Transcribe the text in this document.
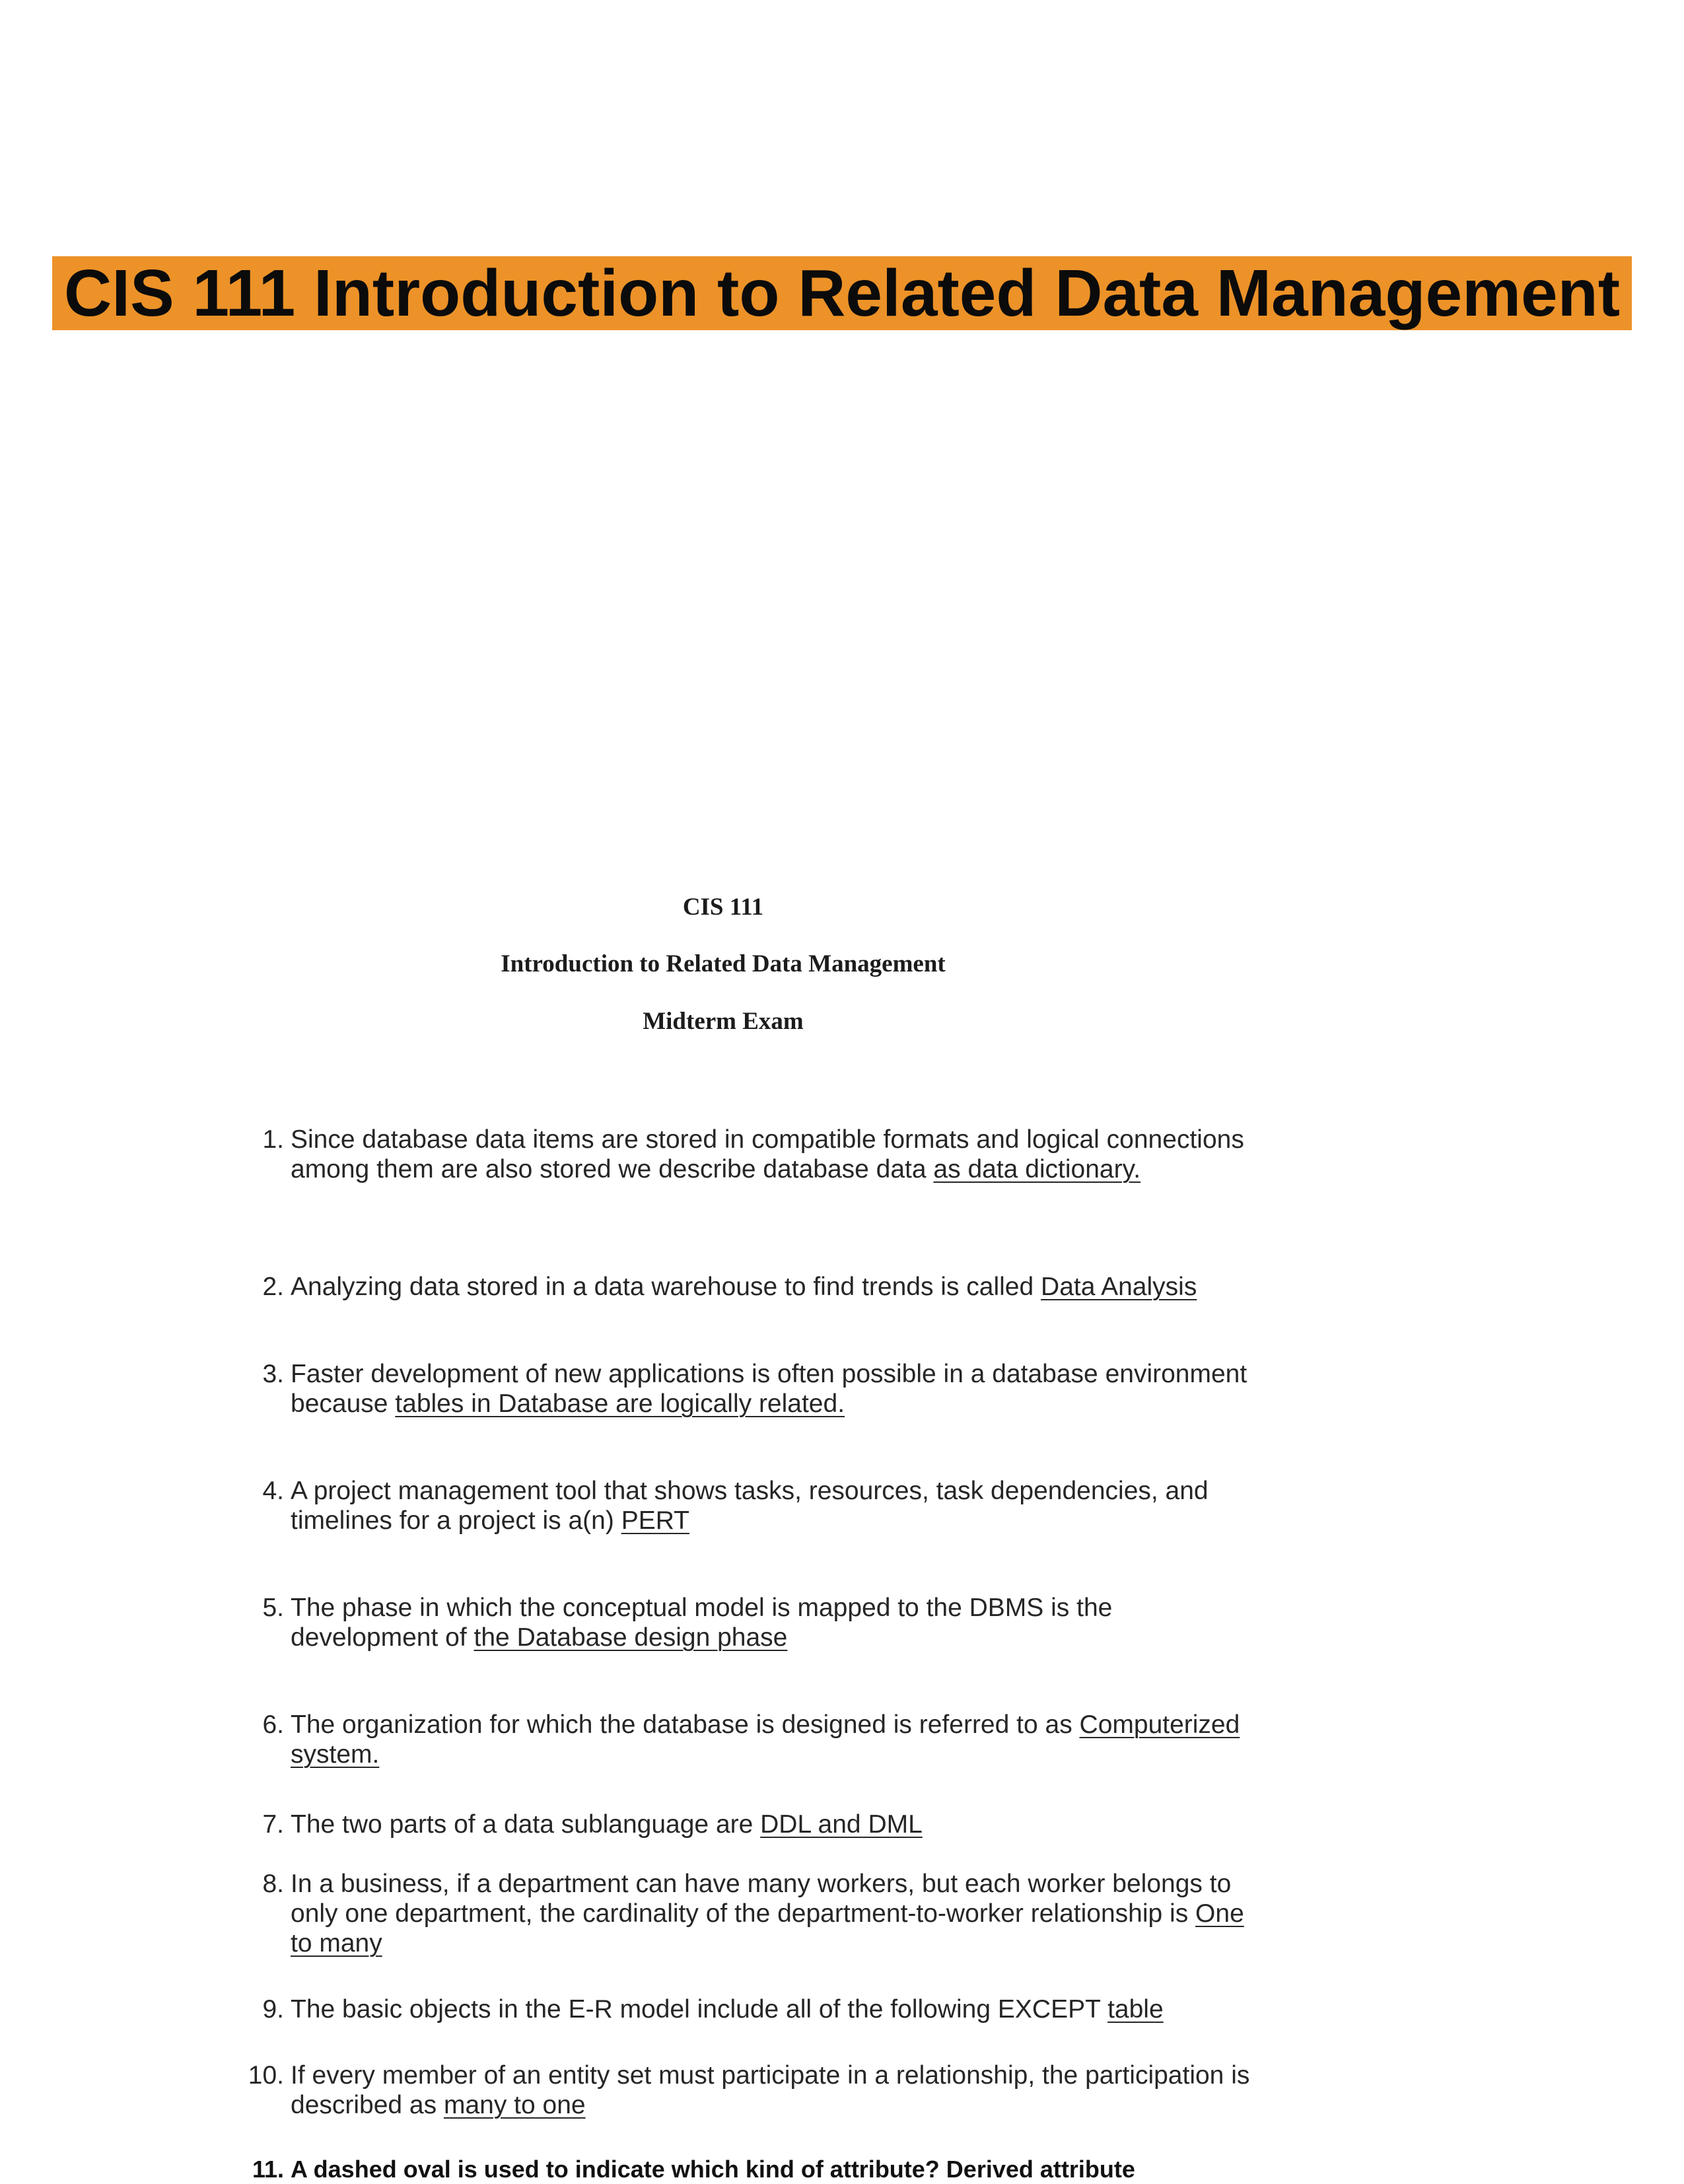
CIS 111 Introduction to Related Data Management
CIS 111
Introduction to Related Data Management
Midterm Exam
1. Since database data items are stored in compatible formats and logical connections among them are also stored we describe database data as data dictionary.
2. Analyzing data stored in a data warehouse to find trends is called Data Analysis
3. Faster development of new applications is often possible in a database environment because tables in Database are logically related.
4. A project management tool that shows tasks, resources, task dependencies, and timelines for a project is a(n) PERT
5. The phase in which the conceptual model is mapped to the DBMS is the development of the Database design phase
6. The organization for which the database is designed is referred to as Computerized system.
7. The two parts of a data sublanguage are DDL and DML
8. In a business, if a department can have many workers, but each worker belongs to only one department, the cardinality of the department-to-worker relationship is One to many
9. The basic objects in the E-R model include all of the following EXCEPT table
10. If every member of an entity set must participate in a relationship, the participation is described as many to one
11. A dashed oval is used to indicate which kind of attribute? Derived attribute
